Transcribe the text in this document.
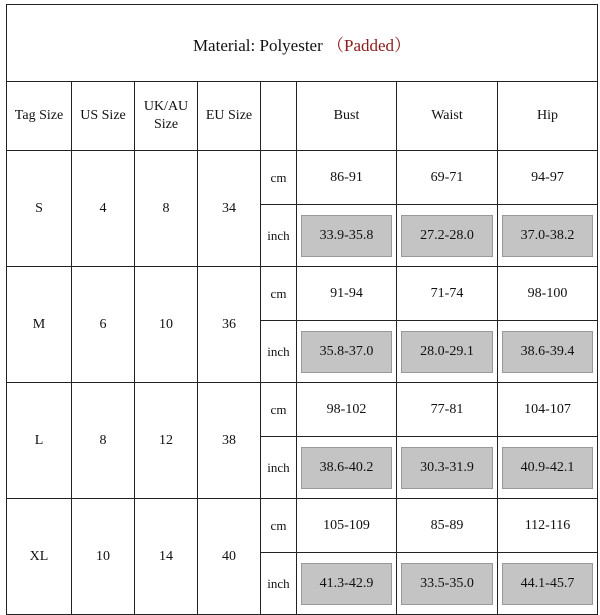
Material: Polyester （Padded）							
Tag Size	US Size	UK/AU Size	EU Size		Bust	Waist	Hip
S	4	8	34	cm	86-91	69-71	94-97
				inch	33.9-35.8	27.2-28.0	37.0-38.2

M	6	10	36	cm	91-94	71-74	98-100
				inch	35.8-37.0	28.0-29.1	38.6-39.4

L	8	12	38	cm	98-102	77-81	104-107
				inch	38.6-40.2	30.3-31.9	40.9-42.1

XL	10	14	40	cm	105-109	85-89	112-116
				inch	41.3-42.9	33.5-35.0	44.1-45.7
